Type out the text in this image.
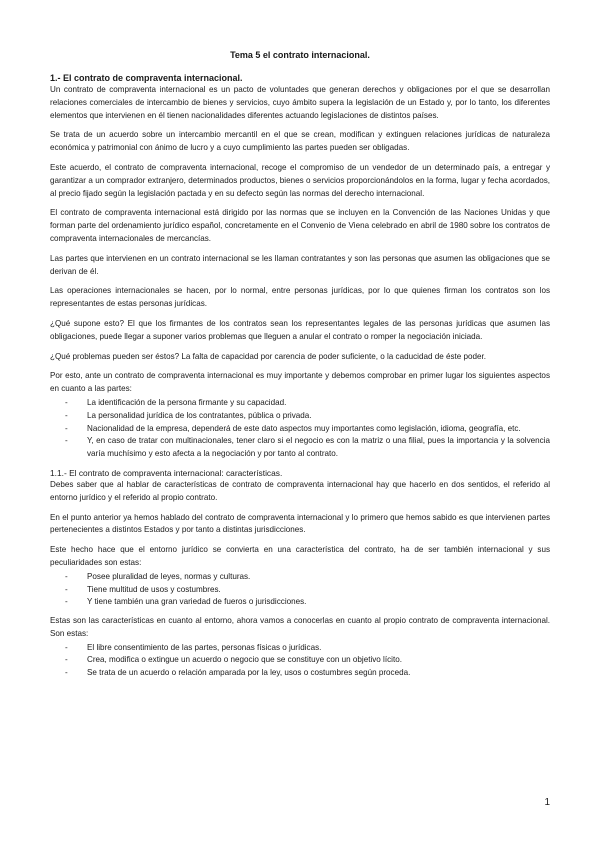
Tema 5 el contrato internacional.
1.- El contrato de compraventa internacional.

Un contrato de compraventa internacional es un pacto de voluntades que generan derechos y obligaciones por el que se desarrollan relaciones comerciales de intercambio de bienes y servicios, cuyo ámbito supera la legislación de un Estado y, por lo tanto, los diferentes elementos que intervienen en él tienen nacionalidades diferentes actuando legislaciones de distintos países.

Se trata de un acuerdo sobre un intercambio mercantil en el que se crean, modifican y extinguen relaciones jurídicas de naturaleza económica y patrimonial con ánimo de lucro y a cuyo cumplimiento las partes pueden ser obligadas.

Este acuerdo, el contrato de compraventa internacional, recoge el compromiso de un vendedor de un determinado país, a entregar y garantizar a un comprador extranjero, determinados productos, bienes o servicios proporcionándolos en la forma, lugar y fecha acordados, al precio fijado según la legislación pactada y en su defecto según las normas del derecho internacional.

El contrato de compraventa internacional está dirigido por las normas que se incluyen en la Convención de las Naciones Unidas y que forman parte del ordenamiento jurídico español, concretamente en el Convenio de Viena celebrado en abril de 1980 sobre los contratos de compraventa internacionales de mercancías.

Las partes que intervienen en un contrato internacional se les llaman contratantes y son las personas que asumen las obligaciones que se derivan de él.

Las operaciones internacionales se hacen, por lo normal, entre personas jurídicas, por lo que quienes firman los contratos son los representantes de estas personas jurídicas.

¿Qué supone esto? El que los firmantes de los contratos sean los representantes legales de las personas jurídicas que asumen las obligaciones, puede llegar a suponer varios problemas que lleguen a anular el contrato o romper la negociación iniciada.

¿Qué problemas pueden ser éstos? La falta de capacidad por carencia de poder suficiente, o la caducidad de éste poder.

Por esto, ante un contrato de compraventa internacional es muy importante y debemos comprobar en primer lugar los siguientes aspectos en cuanto a las partes:

- La identificación de la persona firmante y su capacidad.
- La personalidad jurídica de los contratantes, pública o privada.
- Nacionalidad de la empresa, dependerá de este dato aspectos muy importantes como legislación, idioma, geografía, etc.
- Y, en caso de tratar con multinacionales, tener claro si el negocio es con la matriz o una filial, pues la importancia y la solvencia varía muchísimo y esto afecta a la negociación y por tanto al contrato.
1.1.- El contrato de compraventa internacional: características.

Debes saber que al hablar de características de contrato de compraventa internacional hay que hacerlo en dos sentidos, el referido al entorno jurídico y el referido al propio contrato.

En el punto anterior ya hemos hablado del contrato de compraventa internacional y lo primero que hemos sabido es que intervienen partes pertenecientes a distintos Estados y por tanto a distintas jurisdicciones.

Este hecho hace que el entorno jurídico se convierta en una característica del contrato, ha de ser también internacional y sus peculiaridades son estas:

- Posee pluralidad de leyes, normas y culturas.
- Tiene multitud de usos y costumbres.
- Y tiene también una gran variedad de fueros o jurisdicciones.

Estas son las características en cuanto al entorno, ahora vamos a conocerlas en cuanto al propio contrato de compraventa internacional. Son estas:

- El libre consentimiento de las partes, personas físicas o jurídicas.
- Crea, modifica o extingue un acuerdo o negocio que se constituye con un objetivo lícito.
- Se trata de un acuerdo o relación amparada por la ley, usos o costumbres según proceda.
1
